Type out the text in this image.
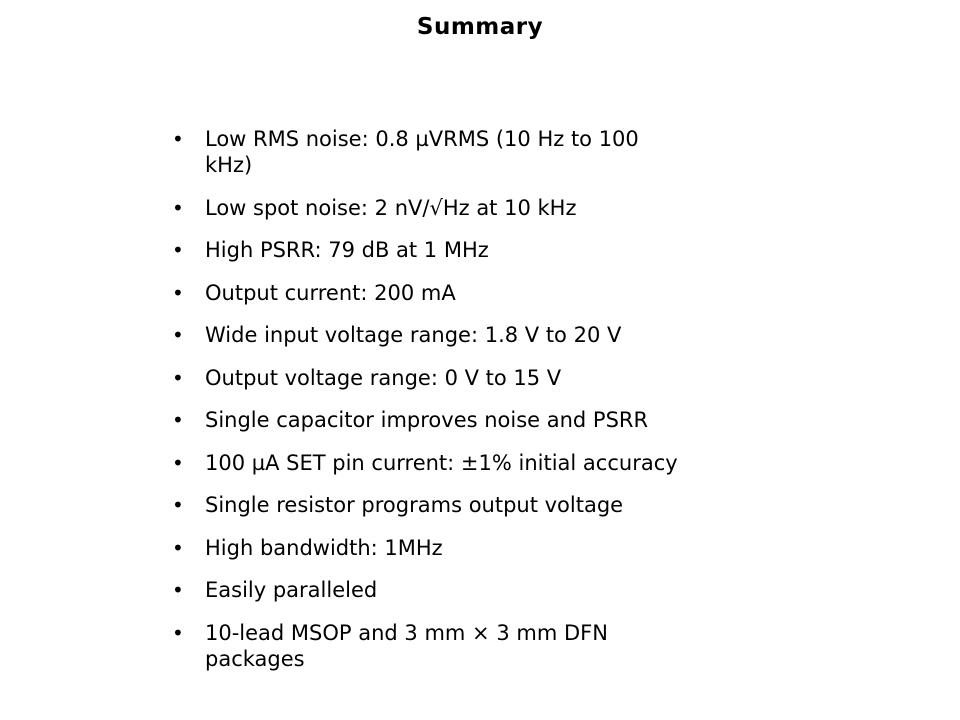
Summary
•	Low RMS noise: 0.8 µVRMS (10 Hz to 100 kHz)
•	Low spot noise: 2 nV/√Hz at 10 kHz
•	High PSRR: 79 dB at 1 MHz
•	Output current: 200 mA
•	Wide input voltage range: 1.8 V to 20 V
•	Output voltage range: 0 V to 15 V
•	Single capacitor improves noise and PSRR
•	100 µA SET pin current: ±1% initial accuracy
•	Single resistor programs output voltage
•	High bandwidth: 1MHz
•	Easily paralleled
•	10-lead MSOP and 3 mm × 3 mm DFN packages
